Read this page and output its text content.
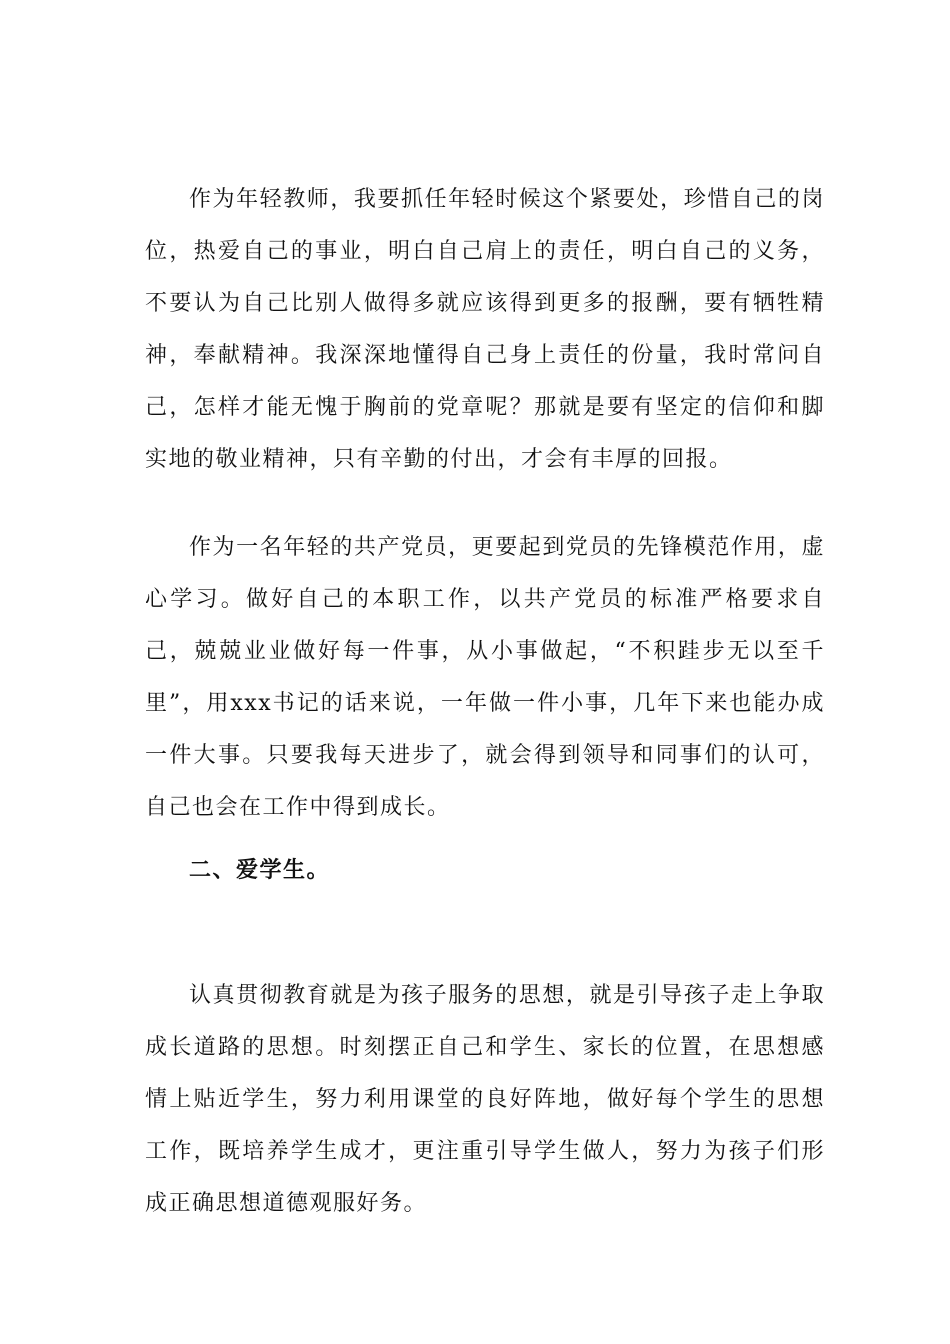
作为年轻教师，我要抓任年轻时候这个紧要处，珍惜自己的岗位，热爱自己的事业，明白自己肩上的责任，明白自己的义务，不要认为自己比别人做得多就应该得到更多的报酬，要有牺牲精神，奉献精神。我深深地懂得自己身上责任的份量，我时常问自己，怎样才能无愧于胸前的党章呢？那就是要有坚定的信仰和脚实地的敬业精神，只有辛勤的付出，才会有丰厚的回报。

作为一名年轻的共产党员，更要起到党员的先锋模范作用，虚心学习。做好自己的本职工作，以共产党员的标准严格要求自己，兢兢业业做好每一件事，从小事做起，“不积跬步无以至千里”，用xxx书记的话来说，一年做一件小事，几年下来也能办成一件大事。只要我每天进步了，就会得到领导和同事们的认可，自己也会在工作中得到成长。

二、爱学生。

认真贯彻教育就是为孩子服务的思想，就是引导孩子走上争取成长道路的思想。时刻摆正自己和学生、家长的位置，在思想感情上贴近学生，努力利用课堂的良好阵地，做好每个学生的思想工作，既培养学生成才，更注重引导学生做人，努力为孩子们形成正确思想道德观服好务。
